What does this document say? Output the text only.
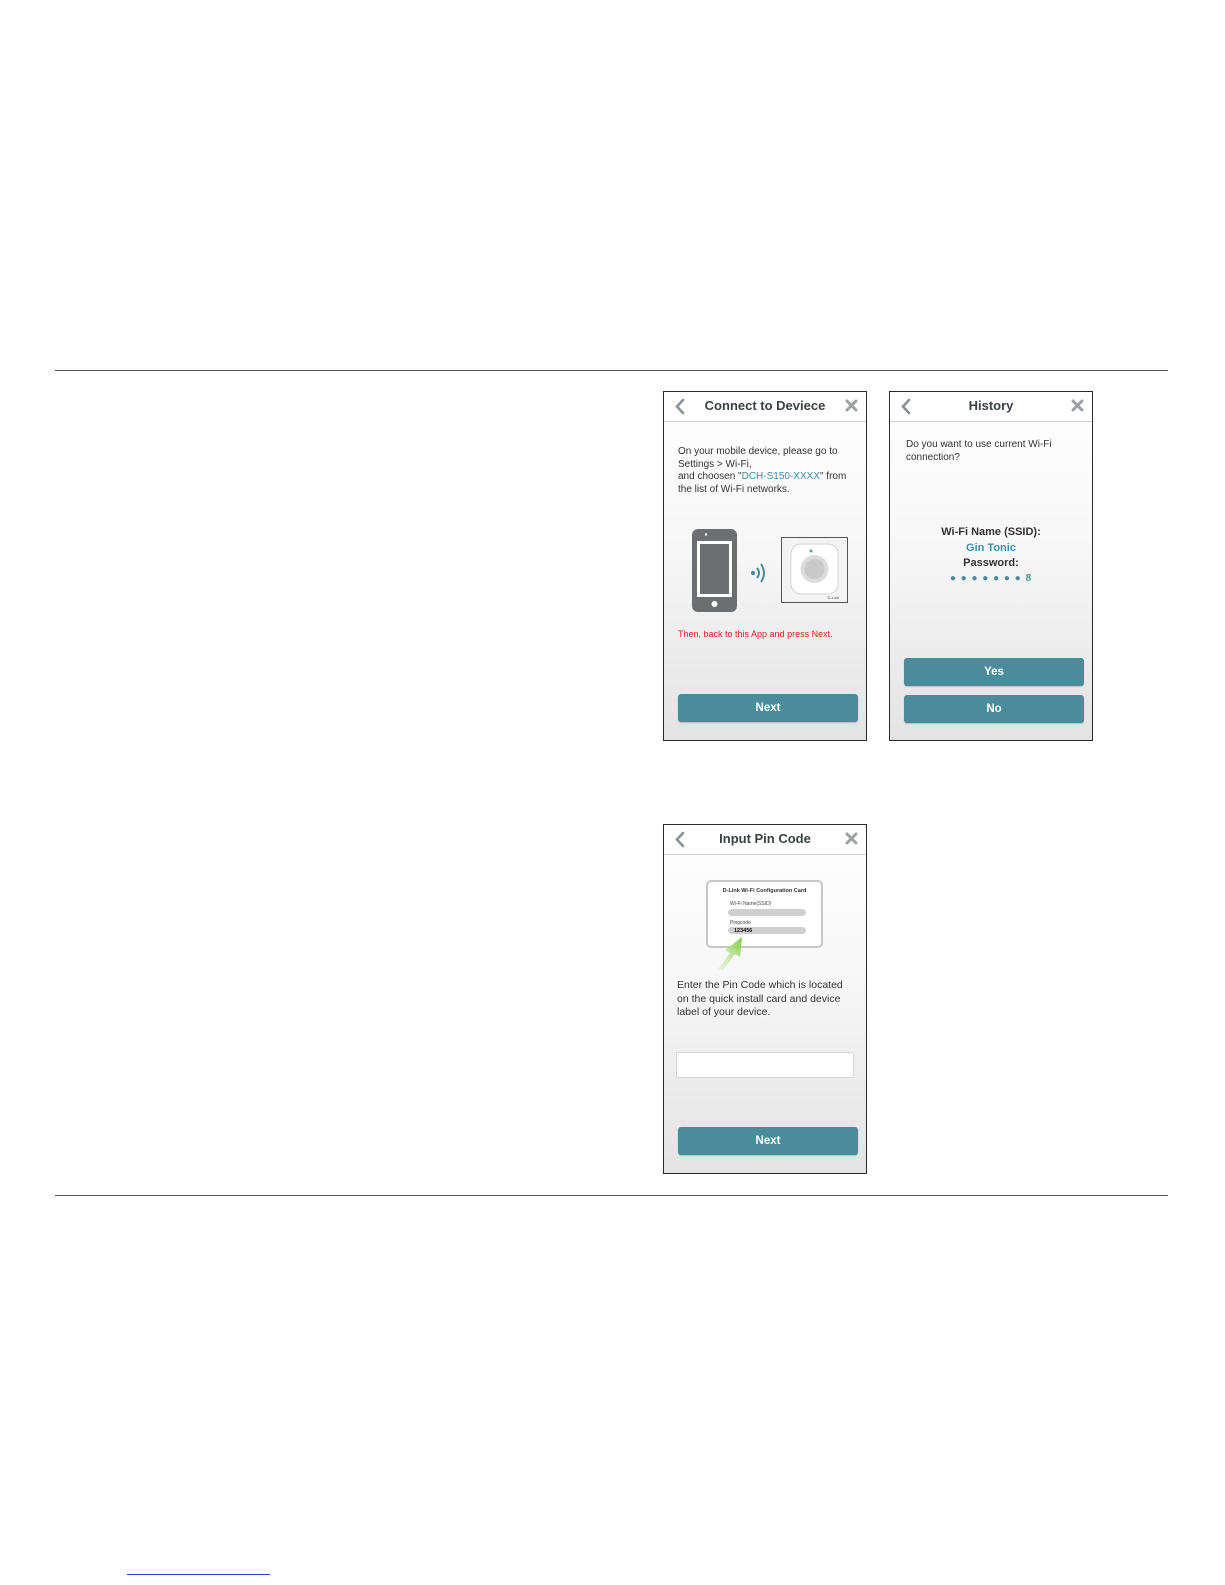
Connect to Deviece
On your mobile device, please go to
Settings > Wi-Fi,
and choosen "DCH-S150-XXXX" from
the list of Wi-Fi networks.
D-Link
Then, back to this App and press Next.
Next
History
Do you want to use current Wi-Fi
connection?
Wi-Fi Name (SSID):
Gin Tonic
Password:
● ● ● ● ● ● ● 8
Yes
No
Input Pin Code
D-Link Wi-Fi Configuration Card
Wi-Fi Name(SSID)
Pingcode
123456
Enter the Pin Code which is located
on the quick install card and device
label of your device.
Next
